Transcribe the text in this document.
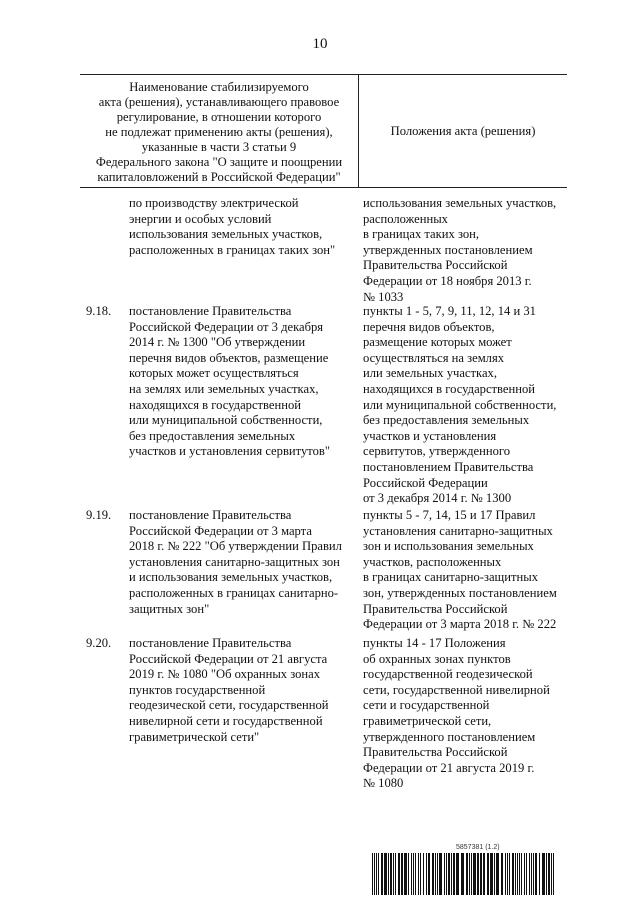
10
Наименование стабилизируемого
акта (решения), устанавливающего правовое
регулирование, в отношении которого
не подлежат применению акты (решения),
указанные в части 3 статьи 9
Федерального закона "О защите и поощрении
капиталовложений в Российской Федерации"
Положения акта (решения)
по производству электрической
энергии и особых условий
использования земельных участков,
расположенных в границах таких зон"
использования земельных участков,
расположенных
в границах таких зон,
утвержденных постановлением
Правительства Российской
Федерации от 18 ноября 2013 г.
№ 1033
9.18. постановление Правительства
Российской Федерации от 3 декабря
2014 г. № 1300 "Об утверждении
перечня видов объектов, размещение
которых может осуществляться
на землях или земельных участках,
находящихся в государственной
или муниципальной собственности,
без предоставления земельных
участков и установления сервитутов"
пункты 1 - 5, 7, 9, 11, 12, 14 и 31
перечня видов объектов,
размещение которых может
осуществляться на землях
или земельных участках,
находящихся в государственной
или муниципальной собственности,
без предоставления земельных
участков и установления
сервитутов, утвержденного
постановлением Правительства
Российской Федерации
от 3 декабря 2014 г. № 1300
9.19. постановление Правительства
Российской Федерации от 3 марта
2018 г. № 222 "Об утверждении Правил
установления санитарно-защитных зон
и использования земельных участков,
расположенных в границах санитарно-
защитных зон"
пункты 5 - 7, 14, 15 и 17 Правил
установления санитарно-защитных
зон и использования земельных
участков, расположенных
в границах санитарно-защитных
зон, утвержденных постановлением
Правительства Российской
Федерации от 3 марта 2018 г. № 222
9.20. постановление Правительства
Российской Федерации от 21 августа
2019 г. № 1080 "Об охранных зонах
пунктов государственной
геодезической сети, государственной
нивелирной сети и государственной
гравиметрической сети"
пункты 14 - 17 Положения
об охранных зонах пунктов
государственной геодезической
сети, государственной нивелирной
сети и государственной
гравиметрической сети,
утвержденного постановлением
Правительства Российской
Федерации от 21 августа 2019 г.
№ 1080
5857381 (1.2)
